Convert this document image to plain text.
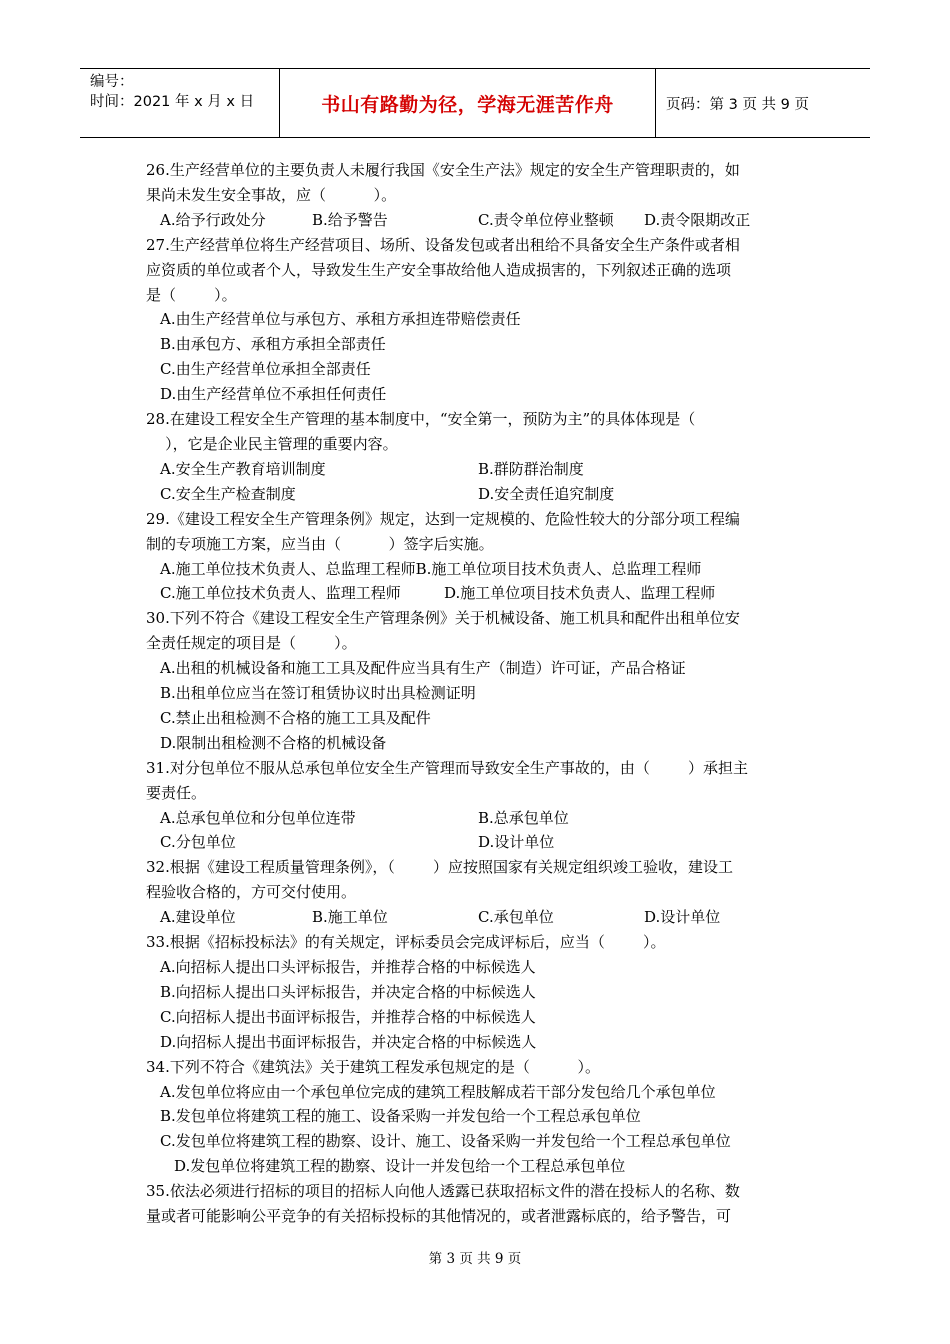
编号：
时间：2021 年 x 月 x 日	书山有路勤为径，学海无涯苦作舟	页码：第 3 页 共 9 页

26.生产经营单位的主要负责人未履行我国《安全生产法》规定的安全生产管理职责的，如

果尚未发生安全事故，应（          ）。

A.给予行政处分	B.给予警告	C.责令单位停业整顿	D.责令限期改正

27.生产经营单位将生产经营项目、场所、设备发包或者出租给不具备安全生产条件或者相

应资质的单位或者个人，导致发生生产安全事故给他人造成损害的，下列叙述正确的选项

是（        ）。

A.由生产经营单位与承包方、承租方承担连带赔偿责任

B.由承包方、承租方承担全部责任

C.由生产经营单位承担全部责任

D.由生产经营单位不承担任何责任

28.在建设工程安全生产管理的基本制度中，“安全第一，预防为主”的具体体现是（

），它是企业民主管理的重要内容。

A.安全生产教育培训制度	B.群防群治制度
C.安全生产检查制度	D.安全责任追究制度

29.《建设工程安全生产管理条例》规定，达到一定规模的、危险性较大的分部分项工程编

制的专项施工方案，应当由（          ）签字后实施。

A.施工单位技术负责人、总监理工程师 B.施工单位项目技术负责人、总监理工程师
C.施工单位技术负责人、监理工程师	D.施工单位项目技术负责人、监理工程师

30.下列不符合《建设工程安全生产管理条例》关于机械设备、施工机具和配件出租单位安

全责任规定的项目是（        ）。

A.出租的机械设备和施工工具及配件应当具有生产（制造）许可证，产品合格证

B.出租单位应当在签订租赁协议时出具检测证明

C.禁止出租检测不合格的施工工具及配件

D.限制出租检测不合格的机械设备

31.对分包单位不服从总承包单位安全生产管理而导致安全生产事故的，由（        ）承担主

要责任。

A.总承包单位和分包单位连带	B.总承包单位
C.分包单位	D.设计单位

32.根据《建设工程质量管理条例》，（        ）应按照国家有关规定组织竣工验收，建设工

程验收合格的，方可交付使用。

A.建设单位	B.施工单位	C.承包单位	D.设计单位

33.根据《招标投标法》的有关规定，评标委员会完成评标后，应当（        ）。

A.向招标人提出口头评标报告，并推荐合格的中标候选人

B.向招标人提出口头评标报告，并决定合格的中标候选人

C.向招标人提出书面评标报告，并推荐合格的中标候选人

D.向招标人提出书面评标报告，并决定合格的中标候选人

34.下列不符合《建筑法》关于建筑工程发承包规定的是（          ）。

A.发包单位将应由一个承包单位完成的建筑工程肢解成若干部分发包给几个承包单位

B.发包单位将建筑工程的施工、设备采购一并发包给一个工程总承包单位

C.发包单位将建筑工程的勘察、设计、施工、设备采购一并发包给一个工程总承包单位

D.发包单位将建筑工程的勘察、设计一并发包给一个工程总承包单位

35.依法必须进行招标的项目的招标人向他人透露已获取招标文件的潜在投标人的名称、数

量或者可能影响公平竞争的有关招标投标的其他情况的，或者泄露标底的，给予警告，可

第 3 页 共 9 页
